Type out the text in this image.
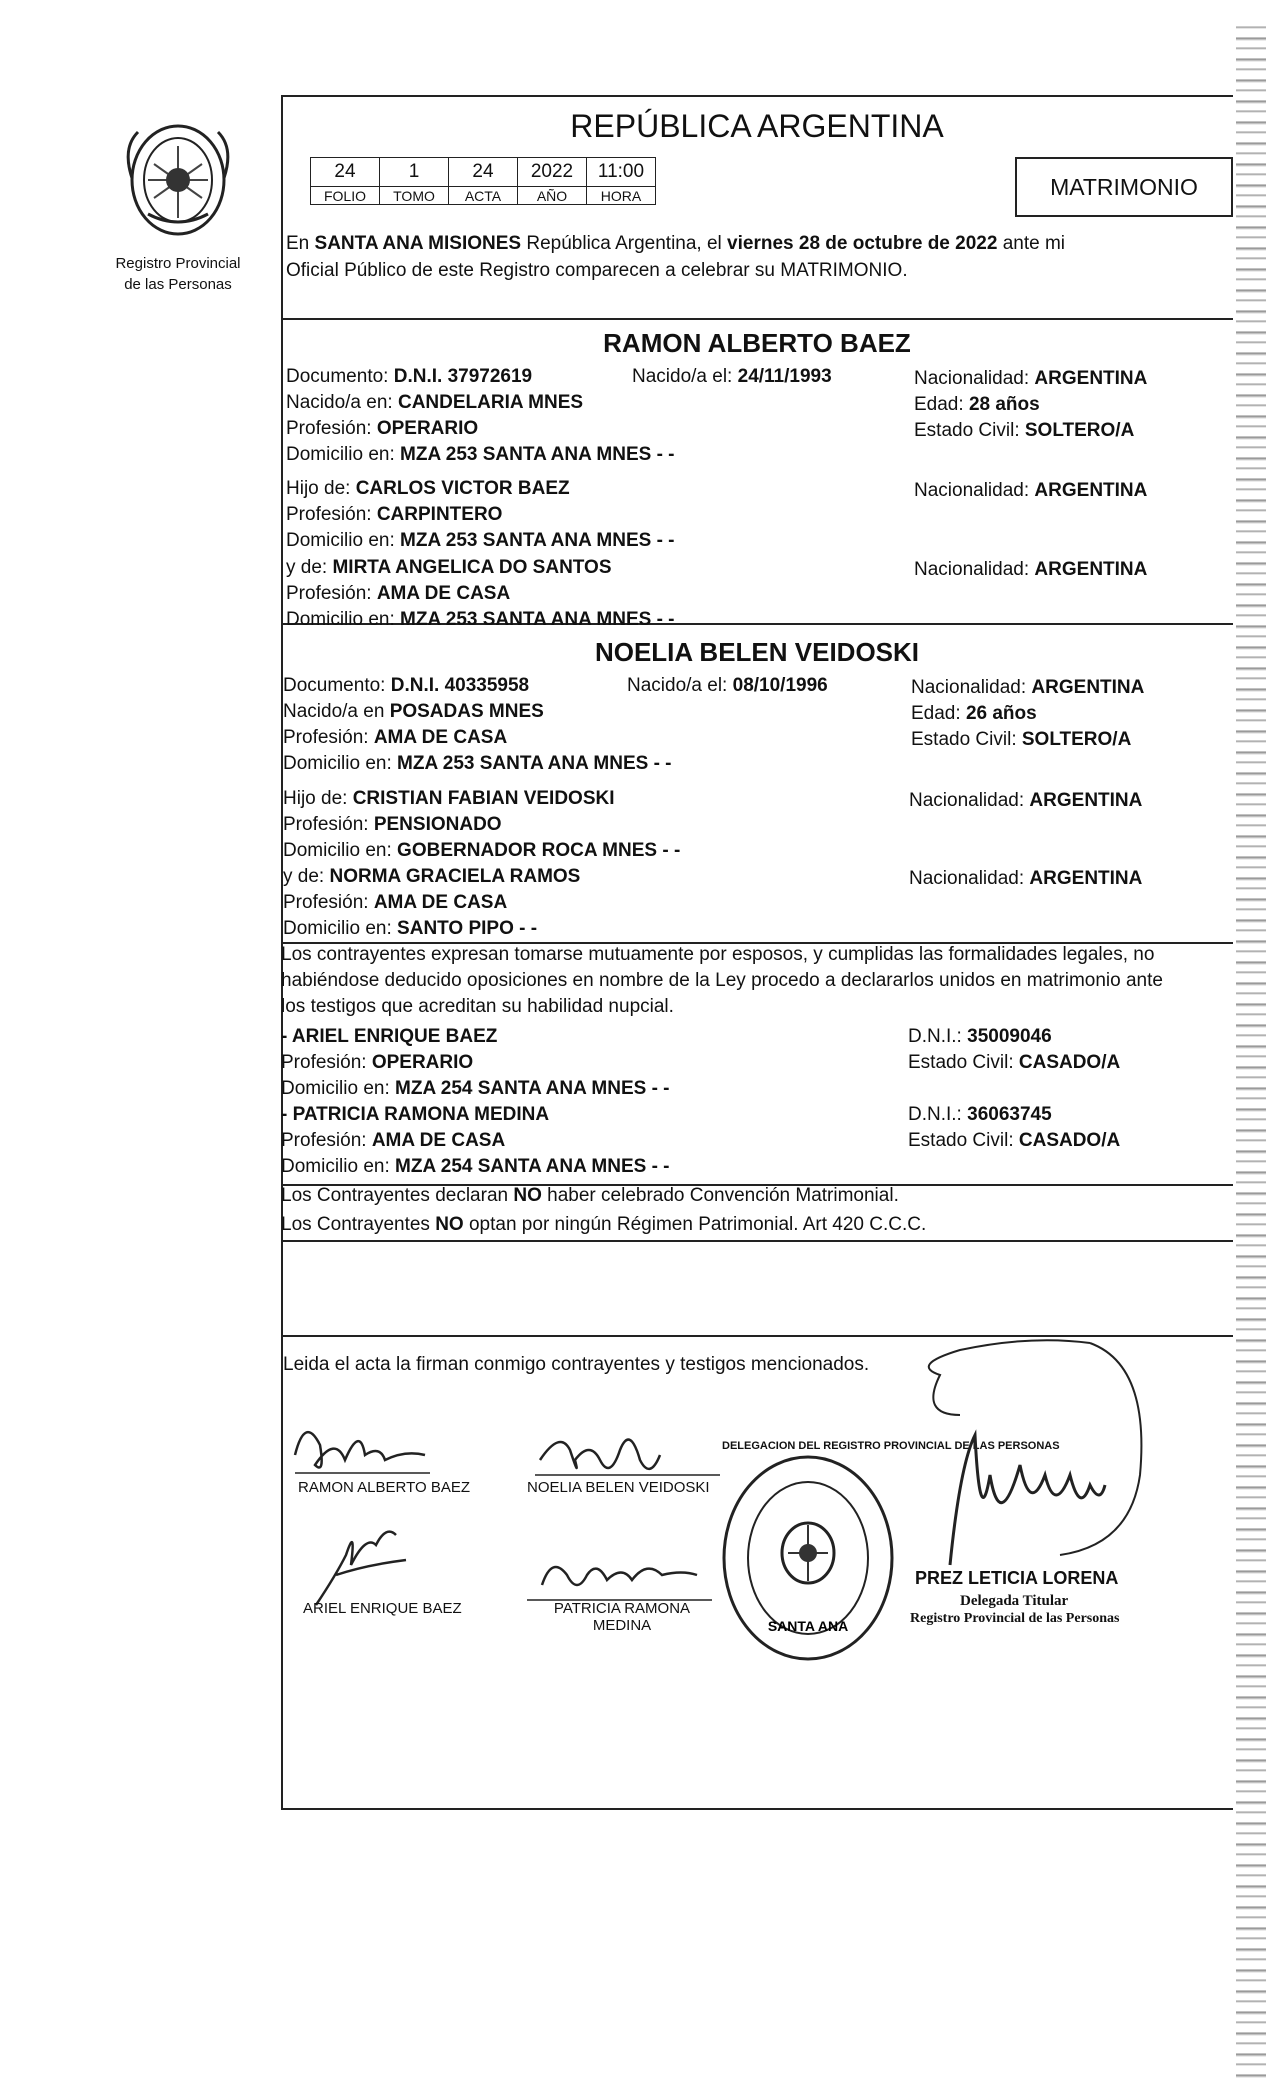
Registro Provincial
de las Personas
REPÚBLICA ARGENTINA
24	1	24	2022	11:00
FOLIO	TOMO	ACTA	AÑO	HORA	MATRIMONIO
En SANTA ANA MISIONES República Argentina, el viernes 28 de octubre de 2022 ante mi
Oficial Público de este Registro comparecen a celebrar su MATRIMONIO.
RAMON ALBERTO BAEZ
Documento: D.N.I. 37972619	Nacido/a el: 24/11/1993	Nacionalidad: ARGENTINA
Nacido/a en: CANDELARIA MNES	Edad: 28 años
Profesión: OPERARIO	Estado Civil: SOLTERO/A
Domicilio en: MZA 253 SANTA ANA MNES - -
Hijo de: CARLOS VICTOR BAEZ	Nacionalidad: ARGENTINA
Profesión: CARPINTERO
Domicilio en: MZA 253 SANTA ANA MNES - -
y de: MIRTA ANGELICA DO SANTOS	Nacionalidad: ARGENTINA
Profesión: AMA DE CASA
Domicilio en: MZA 253 SANTA ANA MNES - -
NOELIA BELEN VEIDOSKI
Documento: D.N.I. 40335958	Nacido/a el: 08/10/1996	Nacionalidad: ARGENTINA
Nacido/a en POSADAS MNES	Edad: 26 años
Profesión: AMA DE CASA	Estado Civil: SOLTERO/A
Domicilio en: MZA 253 SANTA ANA MNES - -
Hijo de: CRISTIAN FABIAN VEIDOSKI	Nacionalidad: ARGENTINA
Profesión: PENSIONADO
Domicilio en: GOBERNADOR ROCA MNES - -
y de: NORMA GRACIELA RAMOS	Nacionalidad: ARGENTINA
Profesión: AMA DE CASA
Domicilio en: SANTO PIPO - -
Los contrayentes expresan tomarse mutuamente por esposos, y cumplidas las formalidades legales, no
habiéndose deducido oposiciones en nombre de la Ley procedo a declararlos unidos en matrimonio ante
los testigos que acreditan su habilidad nupcial.
- ARIEL ENRIQUE BAEZ	D.N.I.: 35009046
Profesión: OPERARIO	Estado Civil: CASADO/A
Domicilio en: MZA 254 SANTA ANA MNES - -
- PATRICIA RAMONA MEDINA	D.N.I.: 36063745
Profesión: AMA DE CASA	Estado Civil: CASADO/A
Domicilio en: MZA 254 SANTA ANA MNES - -
Los Contrayentes declaran NO haber celebrado Convención Matrimonial.
Los Contrayentes NO optan por ningún Régimen Patrimonial. Art 420 C.C.C.
Leida el acta la firman conmigo contrayentes y testigos mencionados.
RAMON ALBERTO BAEZ	NOELIA BELEN VEIDOSKI
ARIEL ENRIQUE BAEZ	PATRICIA RAMONA
MEDINA	SANTA ANA
DELEGACION DEL REGISTRO PROVINCIAL DE LAS PERSONAS
PREZ LETICIA LORENA
Delegada Titular
Registro Provincial de las Personas
